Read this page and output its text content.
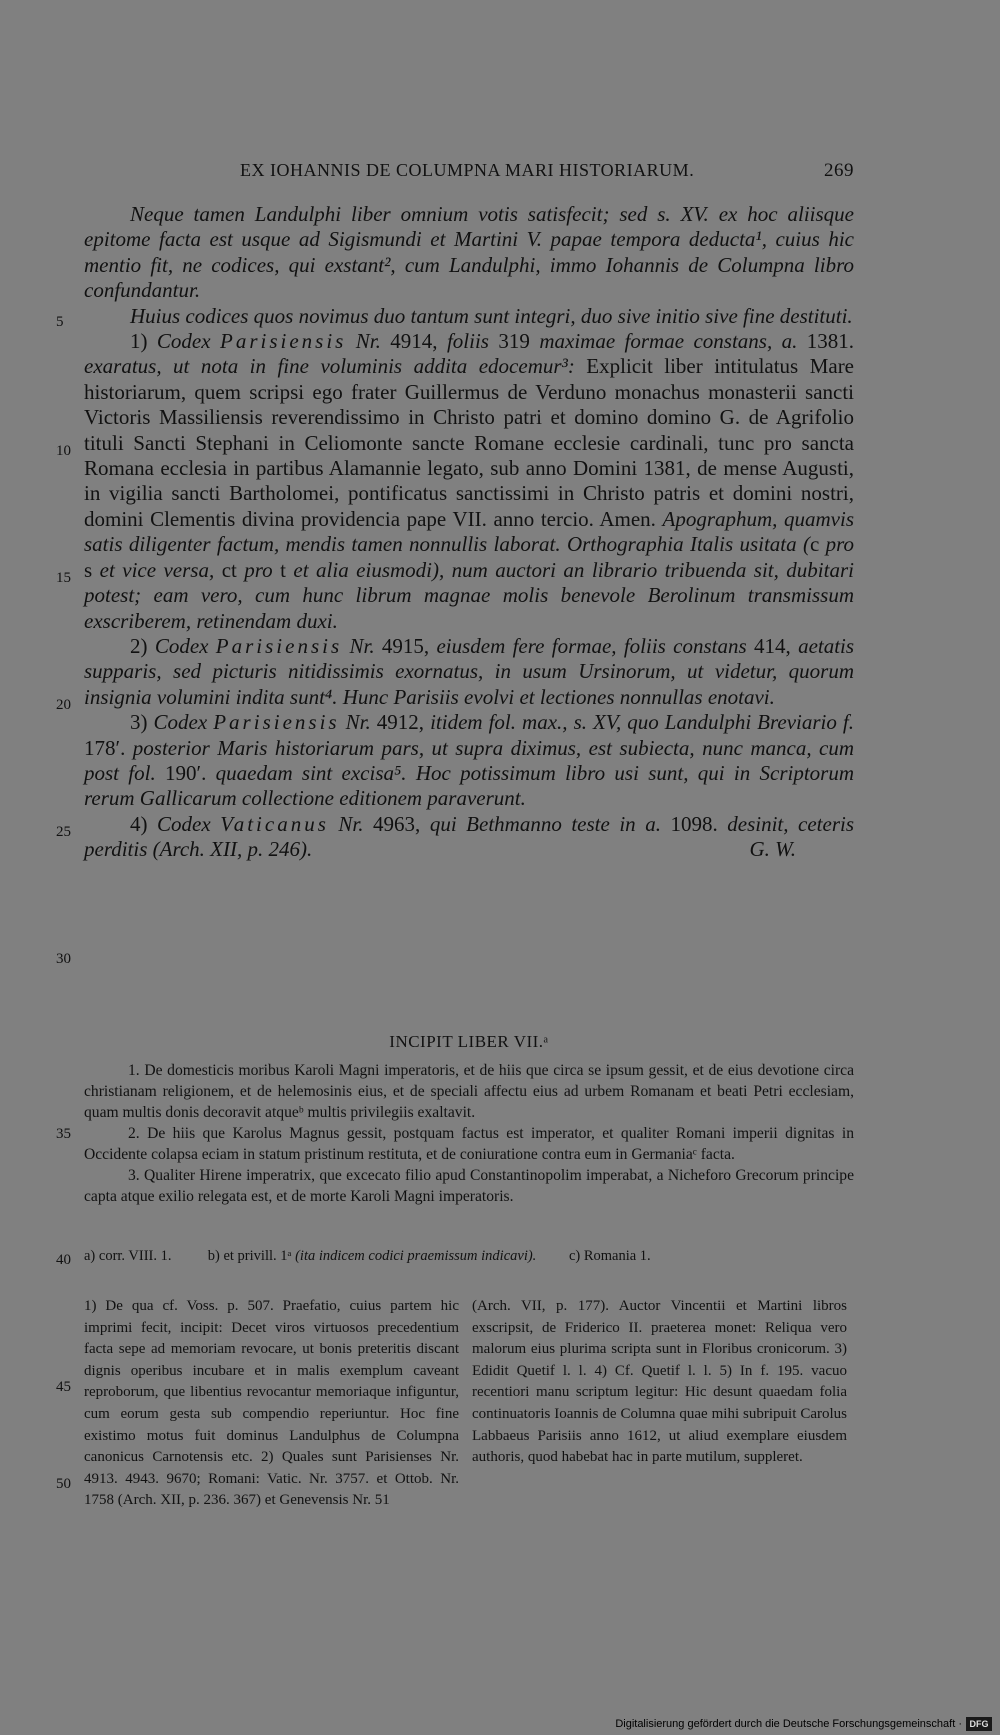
EX IOHANNIS DE COLUMPNA MARI HISTORIARUM.	269
5
10
15
20
25
30
35
40
45
50

Neque tamen Landulphi liber omnium votis satisfecit; sed s. XV. ex hoc aliisque epitome facta est usque ad Sigismundi et Martini V. papae tempora deducta¹, cuius hic mentio fit, ne codices, qui exstant², cum Landulphi, immo Iohannis de Columpna libro confundantur.

Huius codices quos novimus duo tantum sunt integri, duo sive initio sive fine destituti.

1) Codex Parisiensis Nr. 4914, foliis 319 maximae formae constans, a. 1381. exaratus, ut nota in fine voluminis addita edocemur³: Explicit liber intitulatus Mare historiarum, quem scripsi ego frater Guillermus de Verduno monachus monasterii sancti Victoris Massiliensis reverendissimo in Christo patri et domino domino G. de Agrifolio tituli Sancti Stephani in Celiomonte sancte Romane ecclesie cardinali, tunc pro sancta Romana ecclesia in partibus Alamannie legato, sub anno Domini 1381, de mense Augusti, in vigilia sancti Bartholomei, pontificatus sanctissimi in Christo patris et domini nostri, domini Clementis divina providencia pape VII. anno tercio. Amen. Apographum, quamvis satis diligenter factum, mendis tamen nonnullis laborat. Orthographia Italis usitata (c pro s et vice versa, ct pro t et alia eiusmodi), num auctori an librario tribuenda sit, dubitari potest; eam vero, cum hunc librum magnae molis benevole Berolinum transmissum exscriberem, retinendam duxi.

2) Codex Parisiensis Nr. 4915, eiusdem fere formae, foliis constans 414, aetatis supparis, sed picturis nitidissimis exornatus, in usum Ursinorum, ut videtur, quorum insignia volumini indita sunt⁴. Hunc Parisiis evolvi et lectiones nonnullas enotavi.

3) Codex Parisiensis Nr. 4912, itidem fol. max., s. XV, quo Landulphi Breviario f. 178′. posterior Maris historiarum pars, ut supra diximus, est subiecta, nunc manca, cum post fol. 190′. quaedam sint excisa⁵. Hoc potissimum libro usi sunt, qui in Scriptorum rerum Gallicarum collectione editionem paraverunt.

4) Codex Vaticanus Nr. 4963, qui Bethmanno teste in a. 1098. desinit, ceteris perditis (Arch. XII, p. 246).	G. W.

INCIPIT LIBER VII.ᵃ

1. De domesticis moribus Karoli Magni imperatoris, et de hiis que circa se ipsum gessit, et de eius devotione circa christianam religionem, et de helemosinis eius, et de speciali affectu eius ad urbem Romanam et beati Petri ecclesiam, quam multis donis decoravit atqueᵇ multis privilegiis exaltavit.

2. De hiis que Karolus Magnus gessit, postquam factus est imperator, et qualiter Romani imperii dignitas in Occidente colapsa eciam in statum pristinum restituta, et de coniuratione contra eum in Germaniaᶜ facta.

3. Qualiter Hirene imperatrix, que excecato filio apud Constantinopolim imperabat, a Nicheforo Grecorum principe capta atque exilio relegata est, et de morte Karoli Magni imperatoris.

a) corr. VIII. 1.	b) et privill. 1ᵃ (ita indicem codici praemissum indicavi). c) Romania 1.

1) De qua cf. Voss. p. 507. Praefatio, cuius partem hic imprimi fecit, incipit: Decet viros virtuosos precedentium facta sepe ad memoriam revocare, ut bonis preteritis discant dignis operibus incubare et in malis exemplum caveant reproborum, que libentius revocantur memoriaque infiguntur, cum eorum gesta sub compendio reperiuntur. Hoc fine existimo motus fuit dominus Landulphus de Columpna canonicus Carnotensis etc. 2) Quales sunt Parisienses Nr. 4913. 4943. 9670; Romani: Vatic. Nr. 3757. et Ottob. Nr. 1758 (Arch. XII, p. 236. 367) et Genevensis Nr. 51

(Arch. VII, p. 177). Auctor Vincentii et Martini libros exscripsit, de Friderico II. praeterea monet: Reliqua vero malorum eius plurima scripta sunt in Floribus cronicorum. 3) Edidit Quetif l. l. 4) Cf. Quetif l. l. 5) In f. 195. vacuo recentiori manu scriptum legitur: Hic desunt quaedam folia continuatoris Ioannis de Columna quae mihi subripuit Carolus Labbaeus Parisiis anno 1612, ut aliud exemplare eiusdem authoris, quod habebat hac in parte mutilum, suppleret.

Digitalisierung gefördert durch die Deutsche Forschungsgemeinschaft · DFG
